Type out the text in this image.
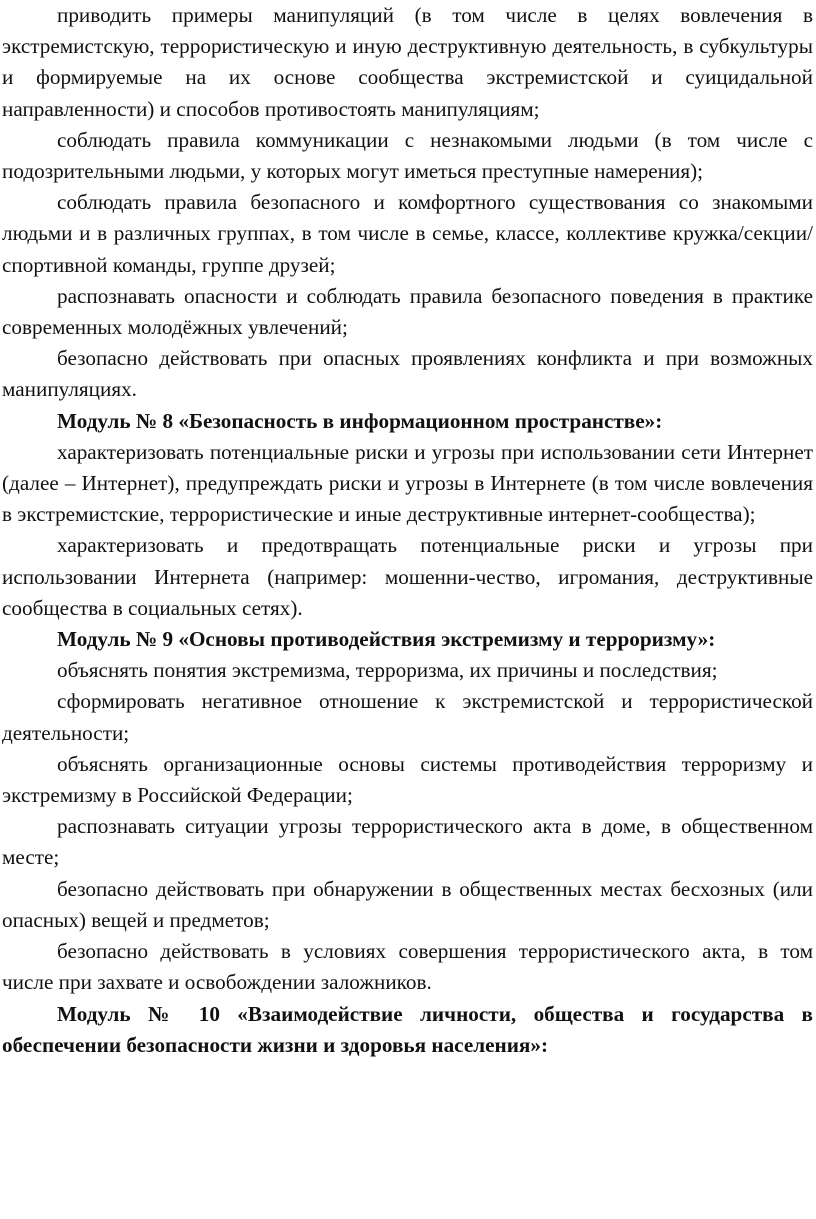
приводить примеры манипуляций (в том числе в целях вовлечения в экстремистскую, террористическую и иную деструктивную деятельность, в субкультуры и формируемые на их основе сообщества экстремистской и суицидальной направленности) и способов противостоять манипуляциям;

соблюдать правила коммуникации с незнакомыми людьми (в том числе с подозрительными людьми, у которых могут иметься преступные намерения);

соблюдать правила безопасного и комфортного существования со знакомыми людьми и в различных группах, в том числе в семье, классе, коллективе кружка/секции/спортивной команды, группе друзей;

распознавать опасности и соблюдать правила безопасного поведения в практике современных молодёжных увлечений;

безопасно действовать при опасных проявлениях конфликта и при возможных манипуляциях.

Модуль № 8 «Безопасность в информационном пространстве»:

характеризовать потенциальные риски и угрозы при использовании сети Интернет (далее – Интернет), предупреждать риски и угрозы в Интернете (в том числе вовлечения в экстремистские, террористические и иные деструктивные интернет-сообщества);

характеризовать и предотвращать потенциальные риски и угрозы при использовании Интернета (например: мошенни-чество, игромания, деструктивные сообщества в социальных сетях).

Модуль № 9 «Основы противодействия экстремизму и терроризму»:

объяснять понятия экстремизма, терроризма, их причины и последствия;

сформировать негативное отношение к экстремистской и террористической деятельности;

объяснять организационные основы системы противодействия терроризму и экстремизму в Российской Федерации;

распознавать ситуации угрозы террористического акта в доме, в общественном месте;

безопасно действовать при обнаружении в общественных местах бесхозных (или опасных) вещей и предметов;

безопасно действовать в условиях совершения террористического акта, в том числе при захвате и освобождении заложников.

Модуль № 10 «Взаимодействие личности, общества и государства в обеспечении безопасности жизни и здоровья населения»:
